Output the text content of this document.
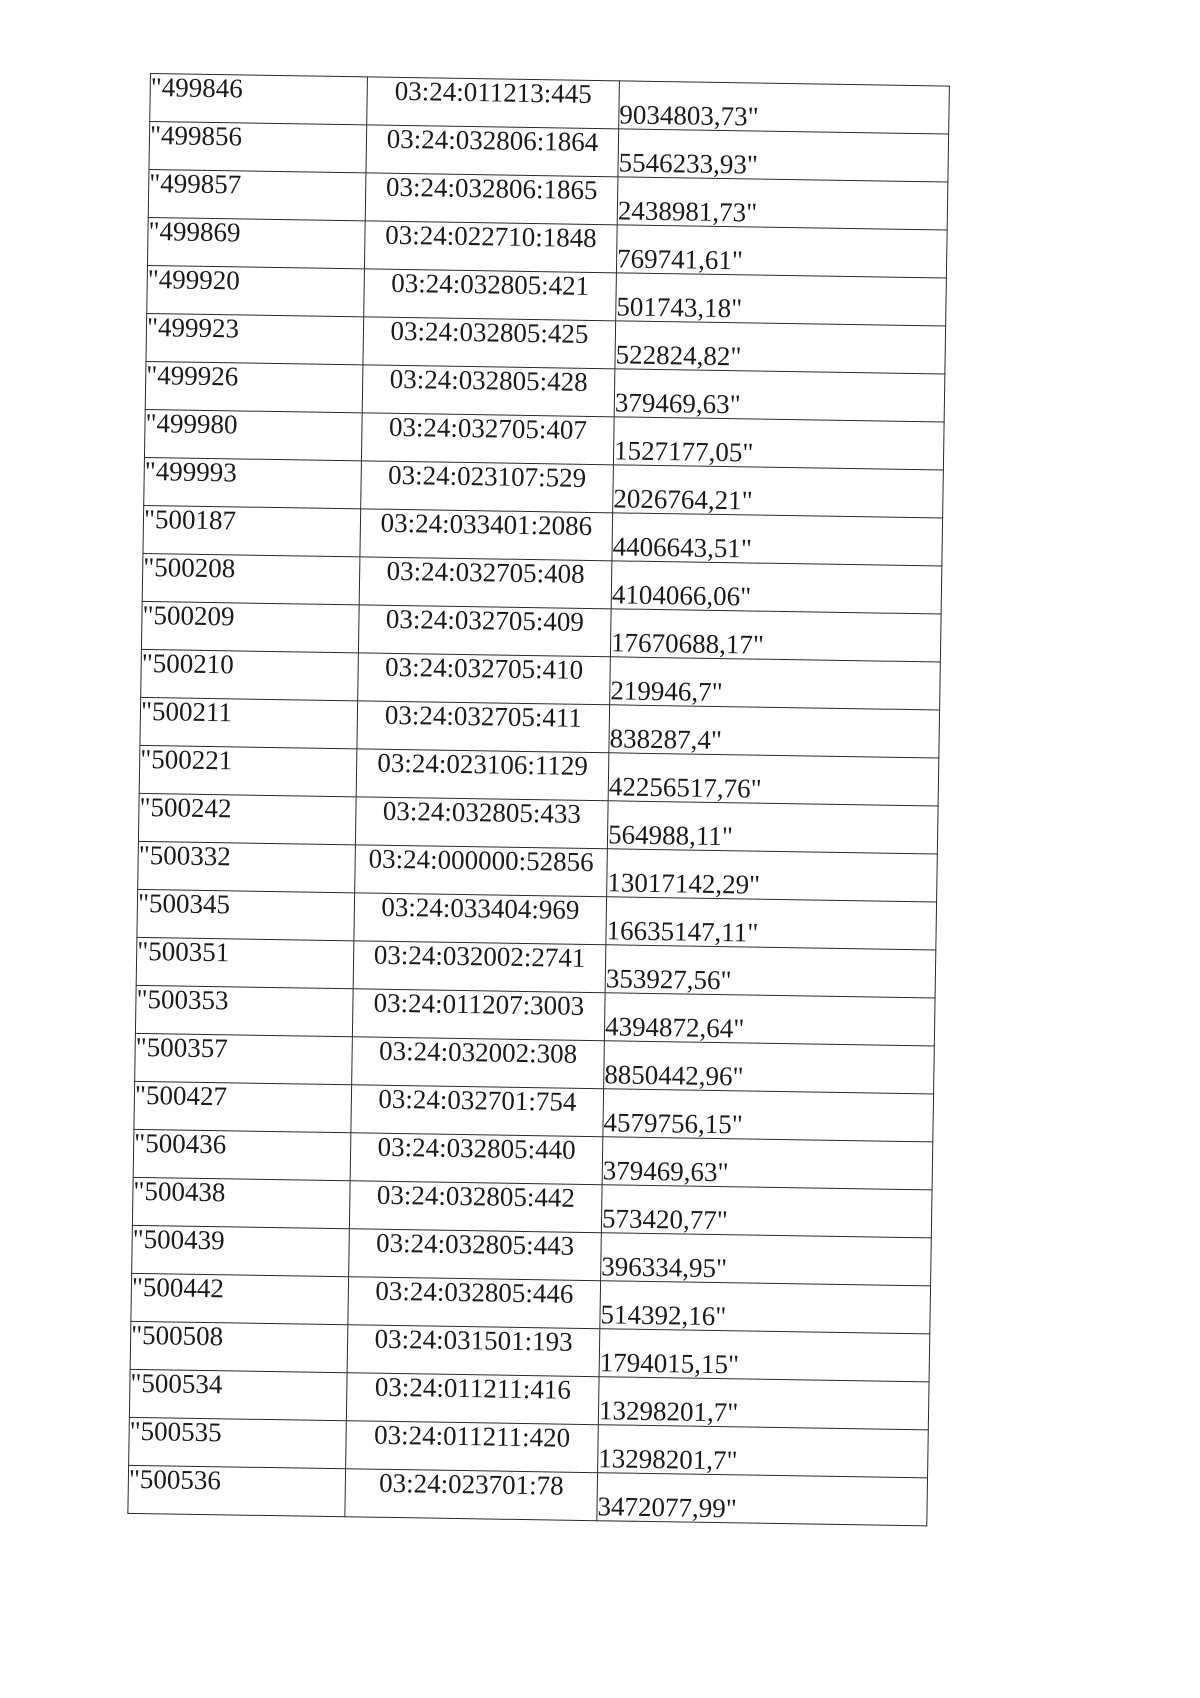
"499846	03:24:011213:445	9034803,73"
"499856	03:24:032806:1864	5546233,93"
"499857	03:24:032806:1865	2438981,73"
"499869	03:24:022710:1848	769741,61"
"499920	03:24:032805:421	501743,18"
"499923	03:24:032805:425	522824,82"
"499926	03:24:032805:428	379469,63"
"499980	03:24:032705:407	1527177,05"
"499993	03:24:023107:529	2026764,21"
"500187	03:24:033401:2086	4406643,51"
"500208	03:24:032705:408	4104066,06"
"500209	03:24:032705:409	17670688,17"
"500210	03:24:032705:410	219946,7"
"500211	03:24:032705:411	838287,4"
"500221	03:24:023106:1129	42256517,76"
"500242	03:24:032805:433	564988,11"
"500332	03:24:000000:52856	13017142,29"
"500345	03:24:033404:969	16635147,11"
"500351	03:24:032002:2741	353927,56"
"500353	03:24:011207:3003	4394872,64"
"500357	03:24:032002:308	8850442,96"
"500427	03:24:032701:754	4579756,15"
"500436	03:24:032805:440	379469,63"
"500438	03:24:032805:442	573420,77"
"500439	03:24:032805:443	396334,95"
"500442	03:24:032805:446	514392,16"
"500508	03:24:031501:193	1794015,15"
"500534	03:24:011211:416	13298201,7"
"500535	03:24:011211:420	13298201,7"
"500536	03:24:023701:78	3472077,99"
